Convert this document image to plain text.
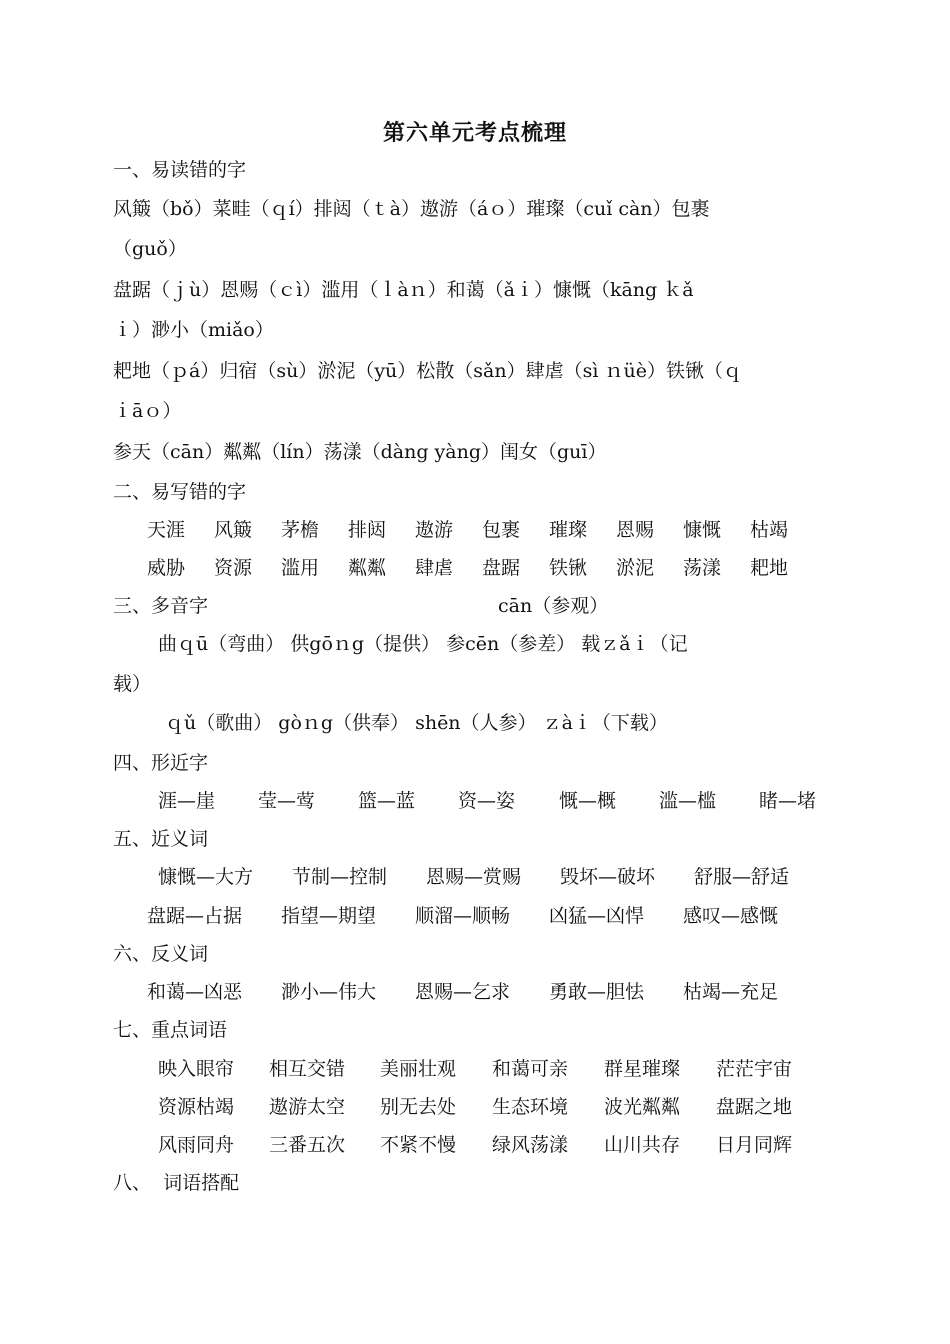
第六单元考点梳理
一、易读错的字
风簸（bǒ）菜畦（ｑí）排闼（ｔà）遨游（áｏ）璀璨（cuǐ càn）包裹
（guǒ）
盘踞（ｊù）恩赐（ｃì）滥用（ｌàｎ）和蔼（ǎｉ）慷慨（kāng ｋǎ
ｉ）渺小（miǎo）
耙地（ｐá）归宿（sù）淤泥（yū）松散（sǎn）肆虐（sì ｎüè）铁锹（ｑ
ｉāｏ）
参天（cān）粼粼（lín）荡漾（dàng yàng）闺女（guī）
二、易写错的字
天涯 风簸 茅檐 排闼 遨游 包裹 璀璨 恩赐 慷慨 枯竭
威胁 资源 滥用 粼粼 肆虐 盘踞 铁锹 淤泥 荡漾 耙地
三、多音字	cān（参观）
曲ｑū（弯曲） 供gōｎg（提供） 参cēn（参差） 载ｚǎｉ（记
载）
ｑǔ（歌曲） gòｎg（供奉） shēn（人参） ｚàｉ（下载）
四、形近字
涯—崖 莹—莺 篮—蓝 资—姿 慨—概 滥—槛 睹—堵
五、近义词
慷慨—大方 节制—控制 恩赐—赏赐 毁坏—破坏 舒服—舒适
盘踞—占据 指望—期望 顺溜—顺畅 凶猛—凶悍 感叹—感慨
六、反义词
和蔼—凶恶 渺小—伟大 恩赐—乞求 勇敢—胆怯 枯竭—充足
七、重点词语
映入眼帘 相互交错 美丽壮观 和蔼可亲 群星璀璨 茫茫宇宙
资源枯竭 遨游太空 别无去处 生态环境 波光粼粼 盘踞之地
风雨同舟 三番五次 不紧不慢 绿风荡漾 山川共存 日月同辉
八、  词语搭配
